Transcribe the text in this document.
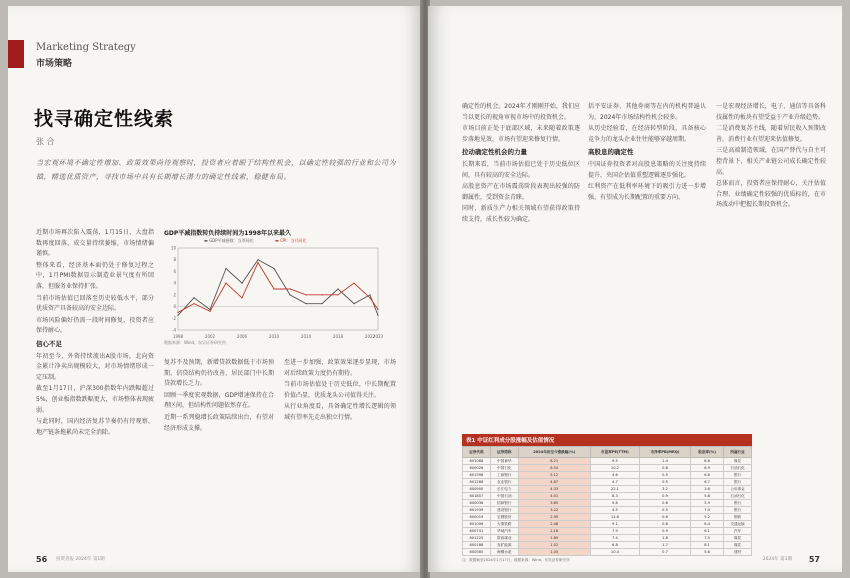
Marketing Strategy
市场策略
找寻确定性线索
张 合
当宏观环境不确定性增加、政策效果尚待观察时，投资者应着眼于结构性机会，以确定性较强的行业和公司为锚，精选优质资产，寻找市场中具有长期增长潜力的确定性线索，稳健布局。

近期市场再次陷入震荡，1月15日，大盘指数再度回落，成交量持续萎缩，市场情绪偏谨慎。

整体来看，经济基本面仍处于修复过程之中，1月PMI数据显示制造业景气度有所回落，但服务业保持扩张。

当前市场估值已回落至历史较低水平，部分优质资产具备较高的安全边际。

市场风险偏好仍需一段时间修复，投资者应保持耐心。

信心不足

年初至今，外资持续流出A股市场，北向资金累计净卖出规模较大，对市场情绪形成一定压制。

截至1月17日，沪深300指数年内跌幅超过5%，创业板指数跌幅更大，市场整体表现疲弱。

与此同时，国内经济复苏节奏仍有待观察，地产链条拖累尚未完全消除。

GDP平减指数转负持续时间为1998年以来最久
▬ GDP平减指数：当季同比	▬ CPI：当月同比
-4
-2
0
2
4
6
8
10
1998	2002	2006	2010	2014	2018	2022
2023
数据来源：Wind，东吴证券研究所

复苏不及预期，新增贷款数据低于市场预期，信贷结构仍待改善，居民部门中长期贷款增长乏力。

回顾一季度宏观数据，GDP增速保持在合理区间，但结构性问题依然存在。

近期一系列稳增长政策陆续出台，有望对经济形成支撑。

至进一步加强，政策效果逐步显现，市场对后续政策力度仍有期待。

当前市场估值处于历史低位，中长期配置价值凸显，优质龙头公司值得关注。

从行业角度看，具备确定性增长逻辑的领域有望率先走出独立行情。

56 投资者报 2024年 第1期

确定性的机会。2024年才刚刚开始，我们应当以更长的视角审视市场中的投资机会。

市场目前正处于底部区域，未来随着政策逐步落地见效，市场有望迎来修复行情。

拉动确定性机会的力量

长期来看，当前市场估值已处于历史低位区间，具有较高的安全边际。

高股息资产在市场震荡阶段表现出较强的防御属性，受到资金青睐。

同时，新质生产力相关领域有望获得政策持续支持，成长性较为确定。

括平安证券、其他券商等在内的机构普遍认为，2024年市场结构性机会较多。

从历史经验看，在经济转型阶段，具备核心竞争力的龙头企业往往能够穿越周期。

高股息的确定性

中国证券投资者对高股息策略的关注度持续提升，央国企估值重塑逻辑逐步强化。

红利资产在低利率环境下的吸引力进一步增强，有望成为长期配置的重要方向。

一是宏观经济增长，电子、通信等具备科技属性的板块有望受益于产业升级趋势。

二是消费复苏主线，随着居民收入预期改善，消费行业有望迎来估值修复。

三是高端制造领域，在国产替代与自主可控背景下，相关产业链公司成长确定性较高。

总体而言，投资者应保持耐心，关注估值合理、业绩确定性较强的优质标的，在市场波动中把握长期投资机会。

表1 中证红利成分股涨幅及估值情况
证券代码	证券简称	2024年初至今涨跌幅(%)	市盈率PE(TTM)	市净率PB(MRQ)	股息率(%)	所属行业
601088	中国神华	8.21	9.5	1.4	8.6	煤炭
600028	中国石化	6.54	10.2	0.8	6.9	石油石化
601398	工商银行	5.12	4.6	0.5	6.8	银行
601288	农业银行	4.87	4.7	0.5	6.7	银行
600900	长江电力	4.33	22.1	3.2	3.6	公用事业
601857	中国石油	4.01	8.3	0.9	5.8	石油石化
600036	招商银行	3.65	5.6	0.8	5.9	银行
601939	建设银行	3.22	4.5	0.5	7.0	银行
600019	宝钢股份	2.95	12.6	0.6	5.2	钢铁
601006	大秦铁路	2.48	9.1	0.8	6.4	交通运输
600741	华域汽车	2.16	7.9	0.9	6.1	汽车
601225	陕西煤业	1.89	7.4	1.8	7.5	煤炭
600188	兖矿能源	1.52	6.8	1.7	8.1	煤炭
600585	海螺水泥	1.05	10.4	0.7	5.6	建材
注：数据截至2024年1月17日；数据来源：Wind，东吴证券研究所	57
2024年 第1期
